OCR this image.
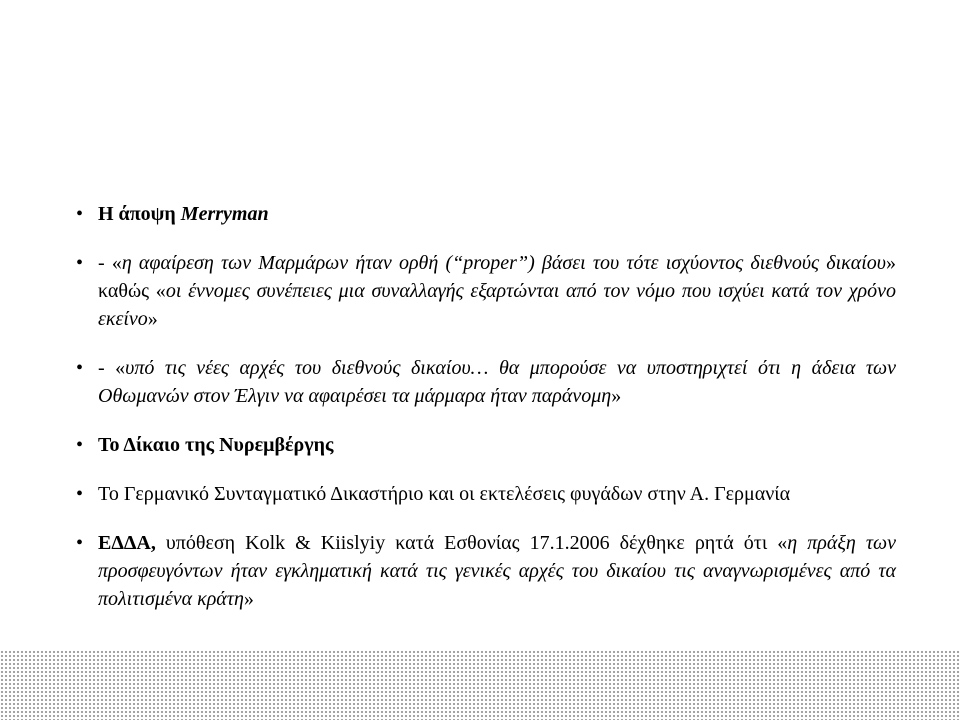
• Η άποψη Merryman
• - «η αφαίρεση των Μαρμάρων ήταν ορθή (“proper”) βάσει του τότε ισχύοντος διεθνούς δικαίου» καθώς «οι έννομες συνέπειες μια συναλλαγής εξαρτώνται από τον νόμο που ισχύει κατά τον χρόνο εκείνο»
• - «υπό τις νέες αρχές του διεθνούς δικαίου… θα μπορούσε να υποστηριχτεί ότι η άδεια των Οθωμανών στον Έλγιν να αφαιρέσει τα μάρμαρα ήταν παράνομη»
• Το Δίκαιο της Νυρεμβέργης
• Το Γερμανικό Συνταγματικό Δικαστήριο και οι εκτελέσεις φυγάδων στην Α. Γερμανία
• ΕΔΔΑ, υπόθεση Kolk & Kiislyiy κατά Εσθονίας 17.1.2006 δέχθηκε ρητά ότι «η πράξη των προσφευγόντων ήταν εγκληματική κατά τις γενικές αρχές του δικαίου τις αναγνωρισμένες από τα πολιτισμένα κράτη»
